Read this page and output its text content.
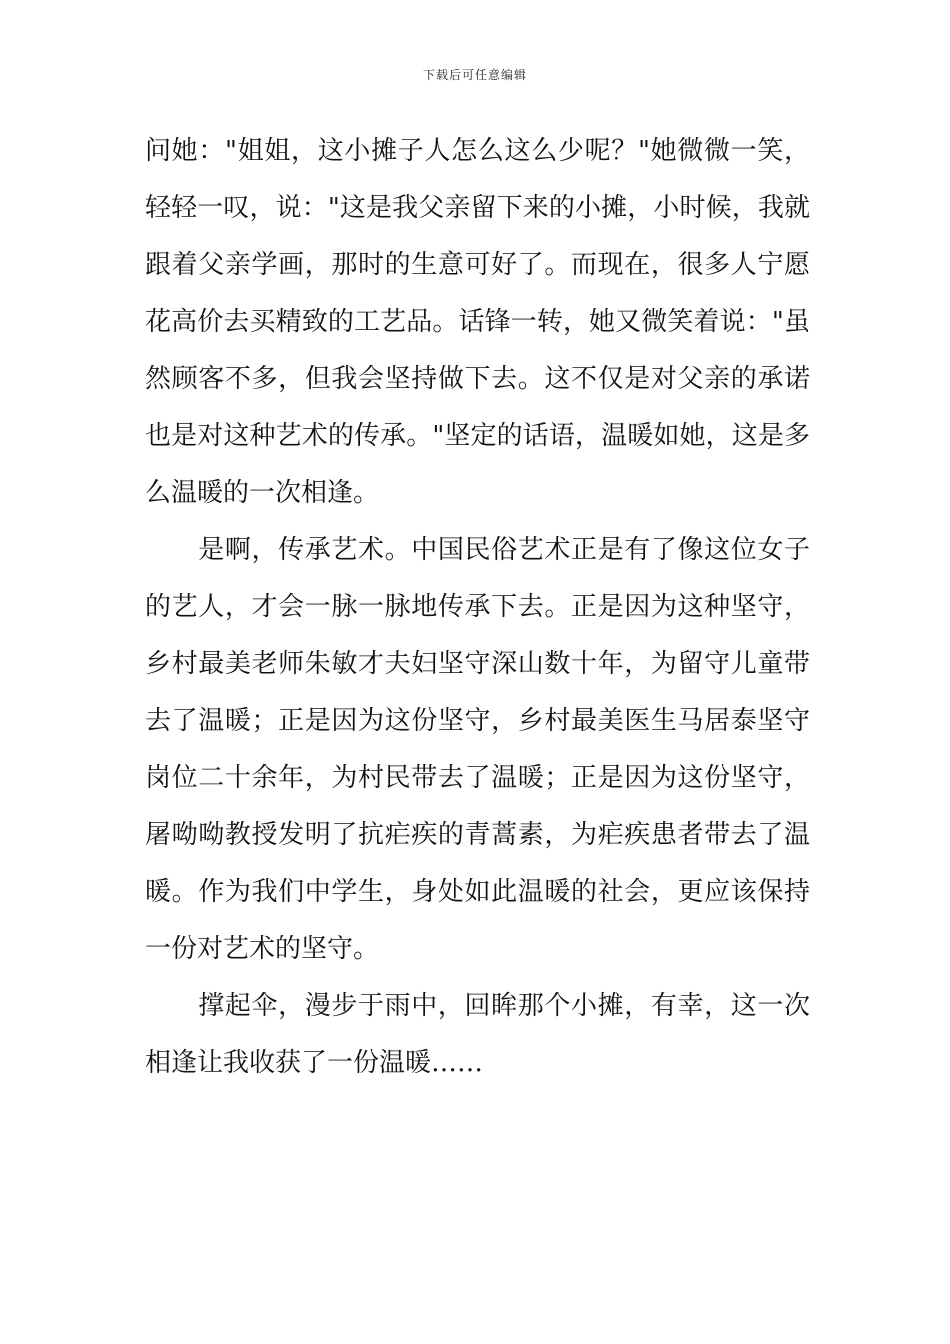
下载后可任意编辑
问她："姐姐，这小摊子人怎么这么少呢？"她微微一笑，
轻轻一叹，说："这是我父亲留下来的小摊，小时候，我就
跟着父亲学画，那时的生意可好了。而现在，很多人宁愿
花高价去买精致的工艺品。话锋一转，她又微笑着说："虽
然顾客不多，但我会坚持做下去。这不仅是对父亲的承诺
也是对这种艺术的传承。"坚定的话语，温暖如她，这是多
么温暖的一次相逢。
　　是啊，传承艺术。中国民俗艺术正是有了像这位女子
的艺人，才会一脉一脉地传承下去。正是因为这种坚守，
乡村最美老师朱敏才夫妇坚守深山数十年，为留守儿童带
去了温暖；正是因为这份坚守，乡村最美医生马居泰坚守
岗位二十余年，为村民带去了温暖；正是因为这份坚守，
屠呦呦教授发明了抗疟疾的青蒿素，为疟疾患者带去了温
暖。作为我们中学生，身处如此温暖的社会，更应该保持
一份对艺术的坚守。
　　撑起伞，漫步于雨中，回眸那个小摊，有幸，这一次
相逢让我收获了一份温暖……
